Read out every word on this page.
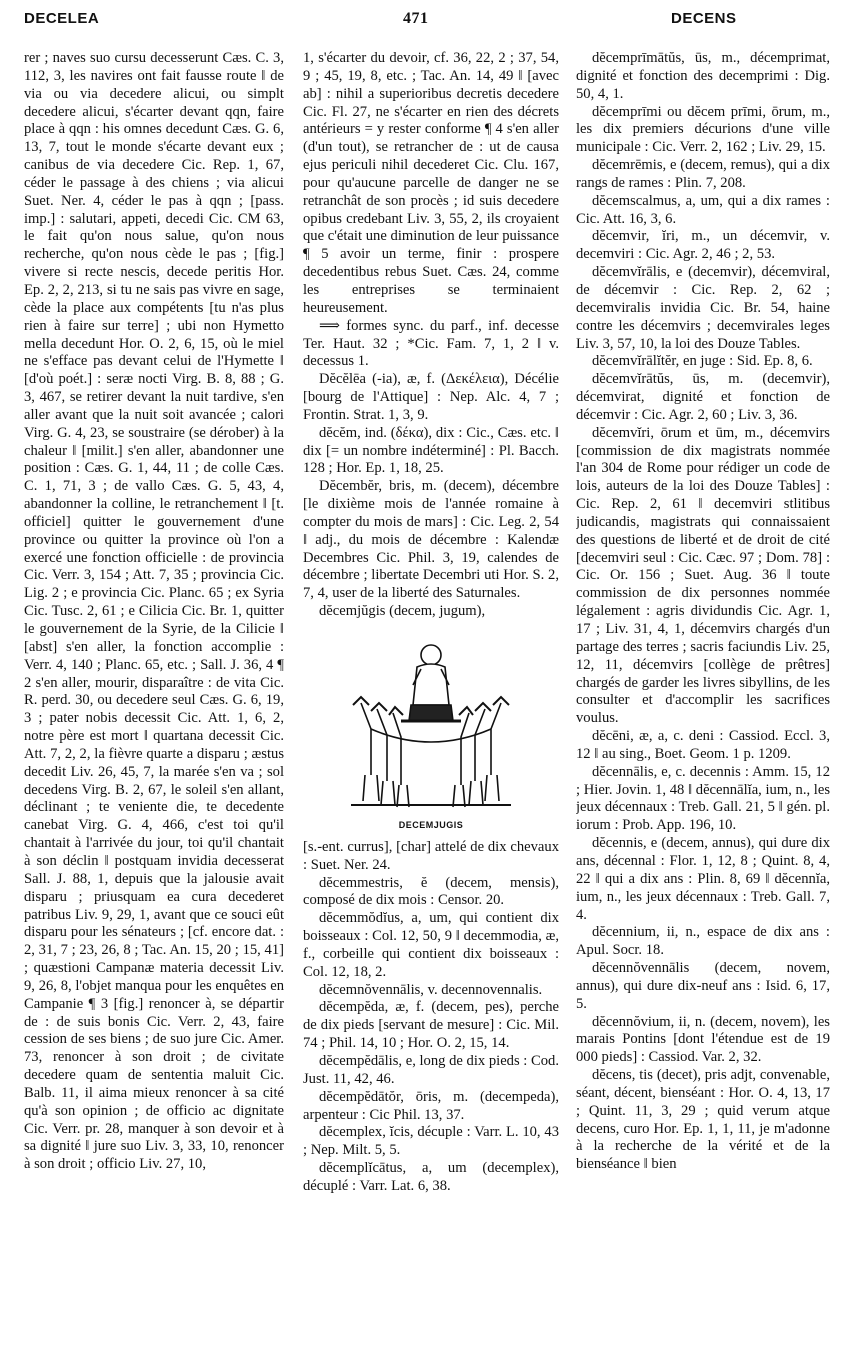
DECELEA	471	DECENS

rer ; naves suo cursu decesserunt Cæs. C. 3, 112, 3, les navires ont fait fausse route ‖ de via ou via decedere alicui, ou simplt decedere alicui, s'écarter devant qqn, faire place à qqn : his omnes decedunt Cæs. G. 6, 13, 7, tout le monde s'écarte devant eux ; canibus de via decedere Cic. Rep. 1, 67, céder le passage à des chiens ; via alicui Suet. Ner. 4, céder le pas à qqn ; [pass. imp.] : salutari, appeti, decedi Cic. CM 63, le fait qu'on nous salue, qu'on nous recherche, qu'on nous cède le pas ; [fig.] vivere si recte nescis, decede peritis Hor. Ep. 2, 2, 213, si tu ne sais pas vivre en sage, cède la place aux compétents [tu n'as plus rien à faire sur terre] ; ubi non Hymetto mella decedunt Hor. O. 2, 6, 15, où le miel ne s'efface pas devant celui de l'Hymette ‖ [d'où poét.] : seræ nocti Virg. B. 8, 88 ; G. 3, 467, se retirer devant la nuit tardive, s'en aller avant que la nuit soit avancée ; calori Virg. G. 4, 23, se soustraire (se dérober) à la chaleur ‖ [milit.] s'en aller, abandonner une position : Cæs. G. 1, 44, 11 ; de colle Cæs. C. 1, 71, 3 ; de vallo Cæs. G. 5, 43, 4, abandonner la colline, le retranchement ‖ [t. officiel] quitter le gouvernement d'une province ou quitter la province où l'on a exercé une fonction officielle : de provincia Cic. Verr. 3, 154 ; Att. 7, 35 ; provincia Cic. Lig. 2 ; e provincia Cic. Planc. 65 ; ex Syria Cic. Tusc. 2, 61 ; e Cilicia Cic. Br. 1, quitter le gouvernement de la Syrie, de la Cilicie ‖ [abst] s'en aller, la fonction accomplie : Verr. 4, 140 ; Planc. 65, etc. ; Sall. J. 36, 4 ¶ 2 s'en aller, mourir, disparaître : de vita Cic. R. perd. 30, ou decedere seul Cæs. G. 6, 19, 3 ; pater nobis decessit Cic. Att. 1, 6, 2, notre père est mort ‖ quartana decessit Cic. Att. 7, 2, 2, la fièvre quarte a disparu ; æstus decedit Liv. 26, 45, 7, la marée s'en va ; sol decedens Virg. B. 2, 67, le soleil s'en allant, déclinant ; te veniente die, te decedente canebat Virg. G. 4, 466, c'est toi qu'il chantait à l'arrivée du jour, toi qu'il chantait à son déclin ‖ postquam invidia decesserat Sall. J. 88, 1, depuis que la jalousie avait disparu ; priusquam ea cura decederet patribus Liv. 9, 29, 1, avant que ce souci eût disparu pour les sénateurs ; [cf. encore dat. : 2, 31, 7 ; 23, 26, 8 ; Tac. An. 15, 20 ; 15, 41] ; quæstioni Campanæ materia decessit Liv. 9, 26, 8, l'objet manqua pour les enquêtes en Campanie ¶ 3 [fig.] renoncer à, se départir de : de suis bonis Cic. Verr. 2, 43, faire cession de ses biens ; de suo jure Cic. Amer. 73, renoncer à son droit ; de civitate decedere quam de sententia maluit Cic. Balb. 11, il aima mieux renoncer à sa cité qu'à son opinion ; de officio ac dignitate Cic. Verr. pr. 28, manquer à son devoir et à sa dignité ‖ jure suo Liv. 3, 33, 10, renoncer à son droit ; officio Liv. 27, 10,

1, s'écarter du devoir, cf. 36, 22, 2 ; 37, 54, 9 ; 45, 19, 8, etc. ; Tac. An. 14, 49 ‖ [avec ab] : nihil a superioribus decretis decedere Cic. Fl. 27, ne s'écarter en rien des décrets antérieurs = y rester conforme ¶ 4 s'en aller (d'un tout), se retrancher de : ut de causa ejus periculi nihil decederet Cic. Clu. 167, pour qu'aucune parcelle de danger ne se retranchât de son procès ; id suis decedere opibus credebant Liv. 3, 55, 2, ils croyaient que c'était une diminution de leur puissance ¶ 5 avoir un terme, finir : prospere decedentibus rebus Suet. Cæs. 24, comme les entreprises se terminaient heureusement.

⟹ formes sync. du parf., inf. decesse Ter. Haut. 32 ; *Cic. Fam. 7, 1, 2 ‖ v. decessus 1.

Dĕcĕlēa (-ia), æ, f. (Δεκέλεια), Décélie [bourg de l'Attique] : Nep. Alc. 4, 7 ; Frontin. Strat. 1, 3, 9.

dĕcĕm, ind. (δέκα), dix : Cic., Cæs. etc. ‖ dix [= un nombre indéterminé] : Pl. Bacch. 128 ; Hor. Ep. 1, 18, 25.

Dĕcembĕr, bris, m. (decem), décembre [le dixième mois de l'année romaine à compter du mois de mars] : Cic. Leg. 2, 54 ‖ adj., du mois de décembre : Kalendæ Decembres Cic. Phil. 3, 19, calendes de décembre ; libertate Decembri uti Hor. S. 2, 7, 4, user de la liberté des Saturnales.

dĕcemjŭgis (decem, jugum),

DECEMJUGIS

[s.-ent. currus], [char] attelé de dix chevaux : Suet. Ner. 24.

dĕcemmestris, ĕ (decem, mensis), composé de dix mois : Censor. 20.

dĕcemmŏdĭus, a, um, qui contient dix boisseaux : Col. 12, 50, 9 ‖ decemmodia, æ, f., corbeille qui contient dix boisseaux : Col. 12, 18, 2.

dĕcemnŏvennālis, v. decennovennalis.

dĕcempĕda, æ, f. (decem, pes), perche de dix pieds [servant de mesure] : Cic. Mil. 74 ; Phil. 14, 10 ; Hor. O. 2, 15, 14.

dĕcempĕdālis, e, long de dix pieds : Cod. Just. 11, 42, 46.

dĕcempĕdātŏr, ōris, m. (decempeda), arpenteur : Cic Phil. 13, 37.

dĕcemplex, ĭcis, décuple : Varr. L. 10, 43 ; Nep. Milt. 5, 5.

dĕcemplĭcātus, a, um (decemplex), décuplé : Varr. Lat. 6, 38.

dĕcemprīmātŭs, ūs, m., décemprimat, dignité et fonction des decemprimi : Dig. 50, 4, 1.

dĕcemprīmi ou dĕcem prīmi, ōrum, m., les dix premiers décurions d'une ville municipale : Cic. Verr. 2, 162 ; Liv. 29, 15.

dĕcemrēmis, e (decem, remus), qui a dix rangs de rames : Plin. 7, 208.

dĕcemscalmus, a, um, qui a dix rames : Cic. Att. 16, 3, 6.

dĕcemvir, ĭri, m., un décemvir, v. decemviri : Cic. Agr. 2, 46 ; 2, 53.

dĕcemvĭrālis, e (decemvir), décemviral, de décemvir : Cic. Rep. 2, 62 ; decemviralis invidia Cic. Br. 54, haine contre les décemvirs ; decemvirales leges Liv. 3, 57, 10, la loi des Douze Tables.

dĕcemvĭrālĭtĕr, en juge : Sid. Ep. 8, 6.

dĕcemvĭrātŭs, ūs, m. (decemvir), décemvirat, dignité et fonction de décemvir : Cic. Agr. 2, 60 ; Liv. 3, 36.

dĕcemvĭri, ōrum et ūm, m., décemvirs [commission de dix magistrats nommée l'an 304 de Rome pour rédiger un code de lois, auteurs de la loi des Douze Tables] : Cic. Rep. 2, 61 ‖ decemviri stlitibus judicandis, magistrats qui connaissaient des questions de liberté et de droit de cité [decemviri seul : Cic. Cæc. 97 ; Dom. 78] : Cic. Or. 156 ; Suet. Aug. 36 ‖ toute commission de dix personnes nommée légalement : agris dividundis Cic. Agr. 1, 17 ; Liv. 31, 4, 1, décemvirs chargés d'un partage des terres ; sacris faciundis Liv. 25, 12, 11, décemvirs [collège de prêtres] chargés de garder les livres sibyllins, de les consulter et d'accomplir les sacrifices voulus.

dĕcēni, æ, a, c. deni : Cassiod. Eccl. 3, 12 ‖ au sing., Boet. Geom. 1 p. 1209.

dĕcennālis, e, c. decennis : Amm. 15, 12 ; Hier. Jovin. 1, 48 ‖ dĕcennālĭa, ium, n., les jeux décennaux : Treb. Gall. 21, 5 ‖ gén. pl. iorum : Prob. App. 196, 10.

dĕcennis, e (decem, annus), qui dure dix ans, décennal : Flor. 1, 12, 8 ; Quint. 8, 4, 22 ‖ qui a dix ans : Plin. 8, 69 ‖ dĕcennĭa, ium, n., les jeux décennaux : Treb. Gall. 7, 4.

dĕcennium, ii, n., espace de dix ans : Apul. Socr. 18.

dĕcennŏvennālis (decem, novem, annus), qui dure dix-neuf ans : Isid. 6, 17, 5.

dĕcennŏvium, ii, n. (decem, novem), les marais Pontins [dont l'étendue est de 19 000 pieds] : Cassiod. Var. 2, 32.

dĕcens, tis (decet), pris adjt, convenable, séant, décent, bienséant : Hor. O. 4, 13, 17 ; Quint. 11, 3, 29 ; quid verum atque decens, curo Hor. Ep. 1, 1, 11, je m'adonne à la recherche de la vérité et de la bienséance ‖ bien
